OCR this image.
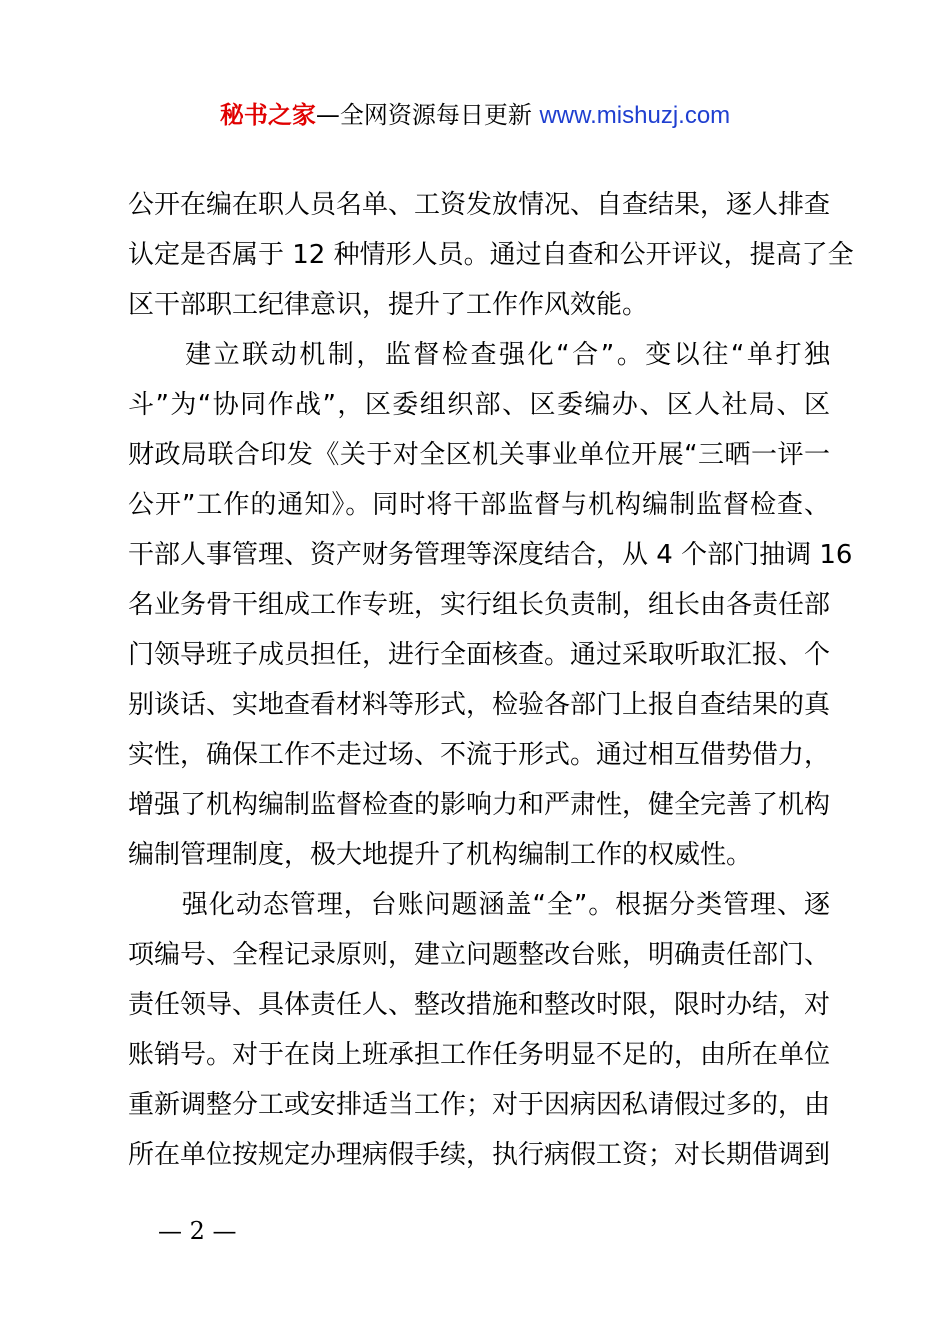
秘书之家—全网资源每日更新 www.mishuzj.com
公开在编在职人员名单、工资发放情况、自查结果，逐人排查
认定是否属于 12 种情形人员。通过自查和公开评议，提高了全
区干部职工纪律意识，提升了工作作风效能。
　　建立联动机制，监督检查强化“合”。变以往“单打独
斗”为“协同作战”，区委组织部、区委编办、区人社局、区
财政局联合印发《关于对全区机关事业单位开展“三晒一评一
公开”工作的通知》。同时将干部监督与机构编制监督检查、
干部人事管理、资产财务管理等深度结合，从 4 个部门抽调 16
名业务骨干组成工作专班，实行组长负责制，组长由各责任部
门领导班子成员担任，进行全面核查。通过采取听取汇报、个
别谈话、实地查看材料等形式，检验各部门上报自查结果的真
实性，确保工作不走过场、不流于形式。通过相互借势借力，
增强了机构编制监督检查的影响力和严肃性，健全完善了机构
编制管理制度，极大地提升了机构编制工作的权威性。
　　强化动态管理，台账问题涵盖“全”。根据分类管理、逐
项编号、全程记录原则，建立问题整改台账，明确责任部门、
责任领导、具体责任人、整改措施和整改时限，限时办结，对
账销号。对于在岗上班承担工作任务明显不足的，由所在单位
重新调整分工或安排适当工作；对于因病因私请假过多的，由
所在单位按规定办理病假手续，执行病假工资；对长期借调到
— 2 —
